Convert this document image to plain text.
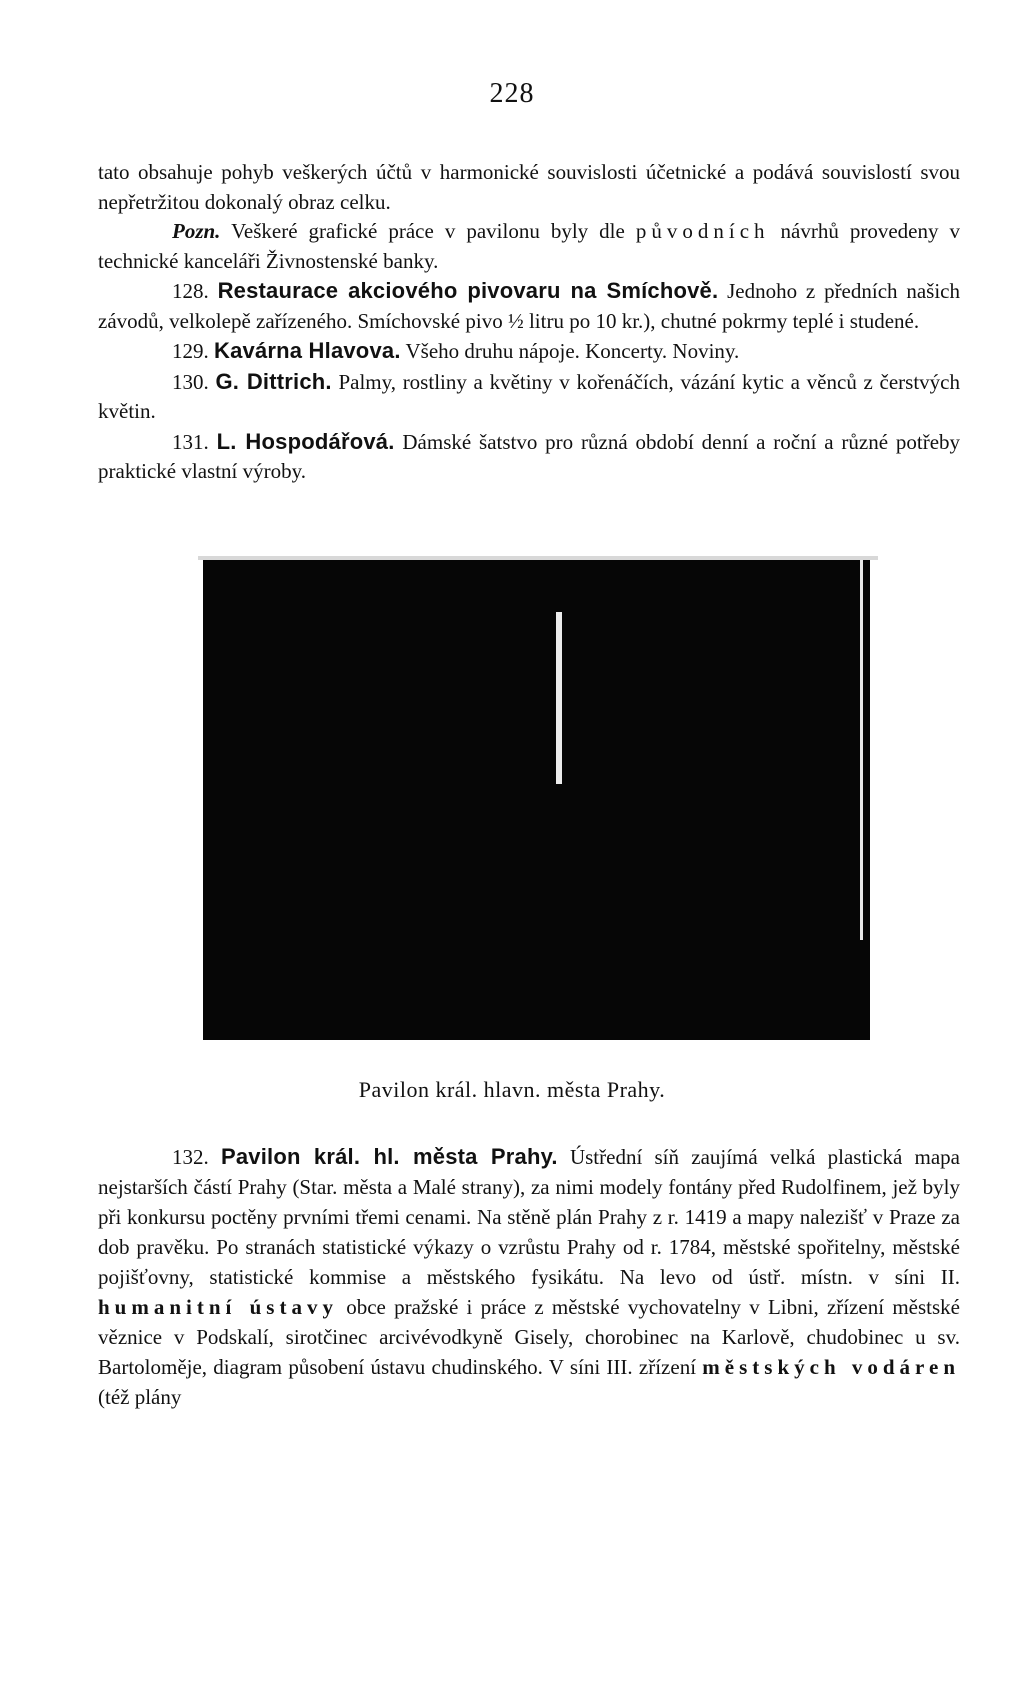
228

tato obsahuje pohyb veškerých účtů v harmonické souvislosti účetnické a podává souvislostí svou nepřetržitou dokonalý obraz celku.

Pozn. Veškeré grafické práce v pavilonu byly dle původních návrhů provedeny v technické kanceláři Živnostenské banky.

128. Restaurace akciového pivovaru na Smíchově. Jednoho z předních našich závodů, velkolepě zařízeného. Smíchovské pivo ½ litru po 10 kr.), chutné pokrmy teplé i studené.

129. Kavárna Hlavova. Všeho druhu nápoje. Koncerty. Noviny.

130. G. Dittrich. Palmy, rostliny a květiny v kořenáčích, vázání kytic a věnců z čerstvých květin.

131. L. Hospodářová. Dámské šatstvo pro různá období denní a roční a různé potřeby praktické vlastní výroby.

Pavilon král. hlavn. města Prahy.

132. Pavilon král. hl. města Prahy. Ústřední síň zaujímá velká plastická mapa nejstarších částí Prahy (Star. města a Malé strany), za nimi modely fontány před Rudolfinem, jež byly při konkursu poctěny prvními třemi cenami. Na stěně plán Prahy z r. 1419 a mapy nalezišť v Praze za dob pravěku. Po stranách statistické výkazy o vzrůstu Prahy od r. 1784, městské spořitelny, městské pojišťovny, statistické kommise a městského fysikátu. Na levo od ústř. místn. v síni II. humanitní ústavy obce pražské i práce z městské vychovatelny v Libni, zřízení městské věznice v Podskalí, sirotčinec arcivévodkyně Gisely, chorobinec na Karlově, chudobinec u sv. Bartoloměje, diagram působení ústavu chudinského. V síni III. zřízení městských vodáren (též plány
